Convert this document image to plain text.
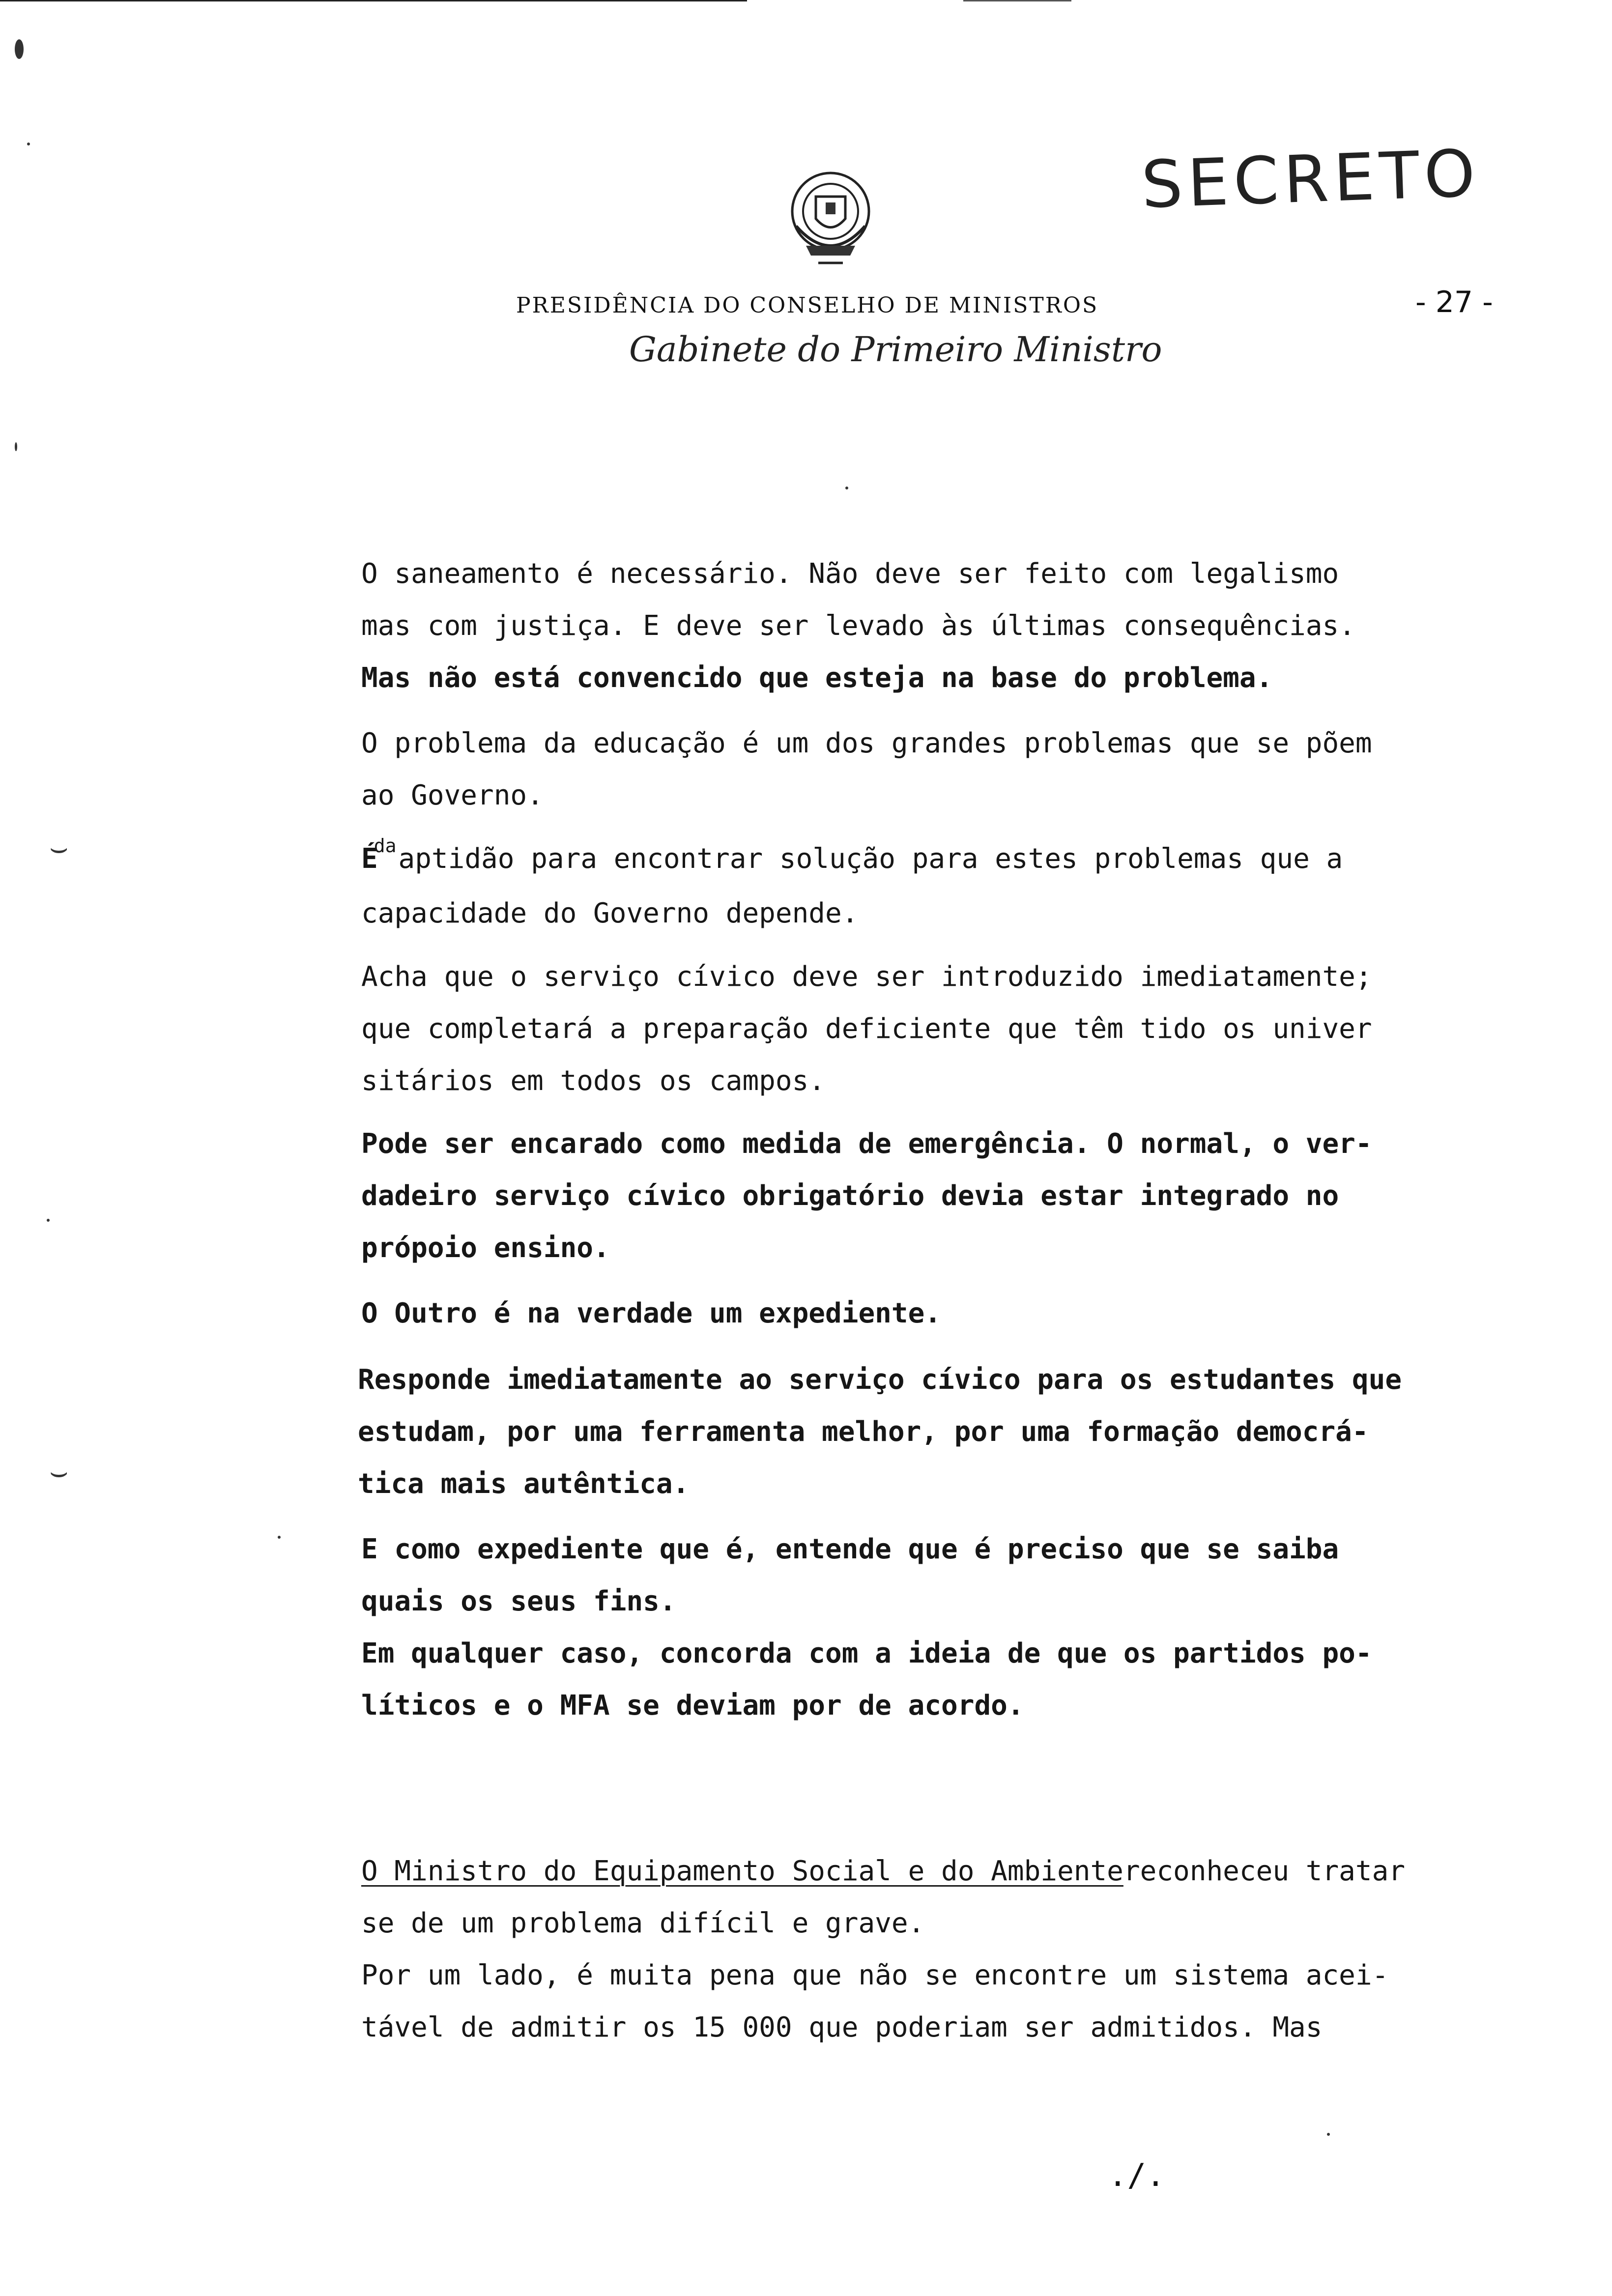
⌣
⌣
SECRETO
PRESIDÊNCIA DO CONSELHO DE MINISTROS	- 27 -
Gabinete do Primeiro Ministro
O saneamento é necessário. Não deve ser feito com legalismo
mas com justiça. E deve ser levado às últimas consequências.
Mas não está convencido que esteja na base do problema.
O problema da educação é um dos grandes problemas que se põem
ao Governo.
$É^{da}aptidão$ para encontrar solução para estes problemas que a
capacidade do Governo depende.
Acha que o serviço cívico deve ser introduzido imediatamente;
que completará a preparação deficiente que têm tido os univer
sitários em todos os campos.
Pode ser encarado como medida de emergência. O normal, o ver-
dadeiro serviço cívico obrigatório devia estar integrado no
própoio ensino.
O Outro é na verdade um expediente.
Responde imediatamente ao serviço cívico para os estudantes que
estudam, por uma ferramenta melhor, por uma formação democrá-
tica mais autêntica.
E como expediente que é, entende que é preciso que se saiba
quais os seus fins.
Em qualquer caso, concorda com a ideia de que os partidos po-
líticos e o MFA se deviam por de acordo.
O Ministro do Equipamento Social e do Ambientereconheceu tratar
se de um problema difícil e grave.
Por um lado, é muita pena que não se encontre um sistema acei-
tável de admitir os 15 000 que poderiam ser admitidos. Mas
./.
